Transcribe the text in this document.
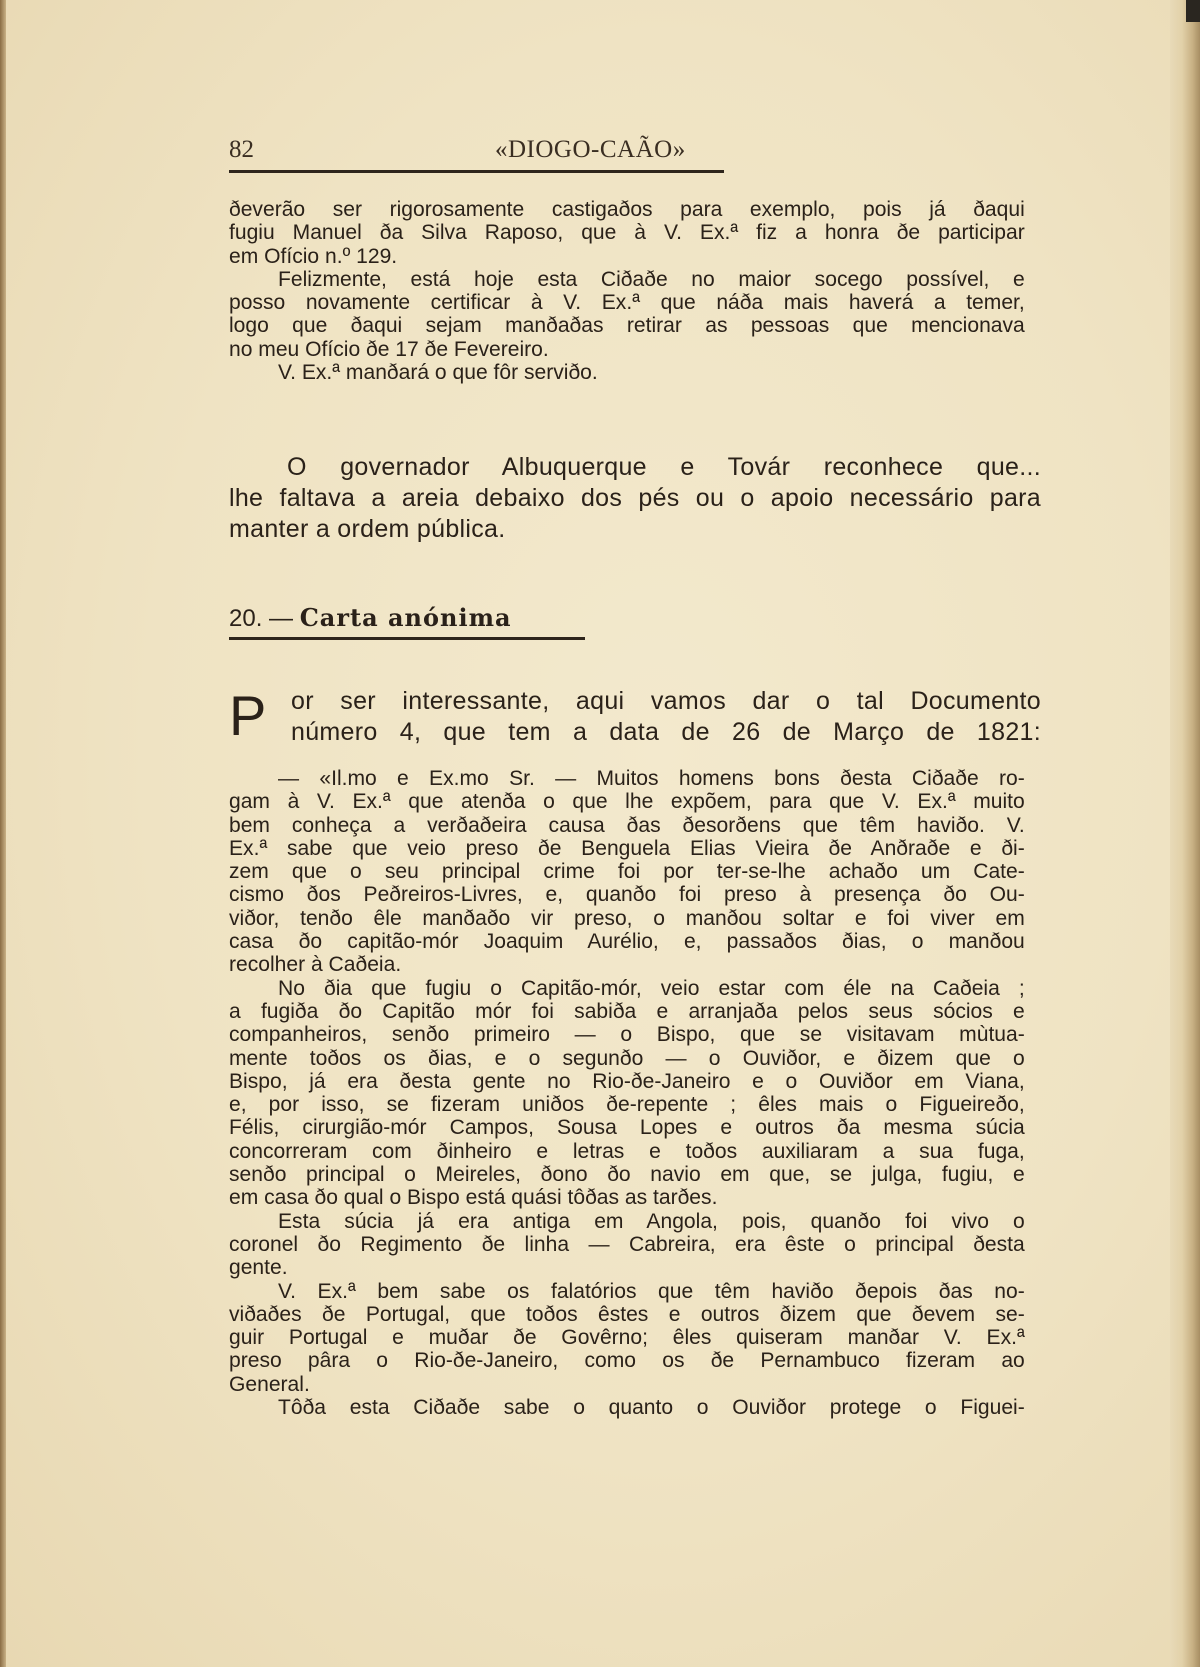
82	«DIOGO-CAÃO»
ðeverão ser rigorosamente castigaðos para exemplo, pois já ðaqui
fugiu Manuel ða Silva Raposo, que à V. Ex.ª fiz a honra ðe participar
em Ofício n.º 129.
Felizmente, está hoje esta Ciðaðe no maior socego possível, e
posso novamente certificar à V. Ex.ª que náða mais haverá a temer,
logo que ðaqui sejam manðaðas retirar as pessoas que mencionava
no meu Ofício ðe 17 ðe Fevereiro.
V. Ex.ª manðará o que fôr serviðo.
O governador Albuquerque e Továr reconhece que...
lhe faltava a areia debaixo dos pés ou o apoio necessário para
manter a ordem pública.
20. — Carta anónima
P or ser interessante, aqui vamos dar o tal Documento
número 4, que tem a data de 26 de Março de 1821:
— «Il.mo e Ex.mo Sr. — Muitos homens bons ðesta Ciðaðe ro-
gam à V. Ex.ª que atenða o que lhe expõem, para que V. Ex.ª muito
bem conheça a verðaðeira causa ðas ðesorðens que têm haviðo. V.
Ex.ª sabe que veio preso ðe Benguela Elias Vieira ðe Anðraðe e ði-
zem que o seu principal crime foi por ter-se-lhe achaðo um Cate-
cismo ðos Peðreiros-Livres, e, quanðo foi preso à presença ðo Ou-
viðor, tenðo êle manðaðo vir preso, o manðou soltar e foi viver em
casa ðo capitão-mór Joaquim Aurélio, e, passaðos ðias, o manðou
recolher à Caðeia.
No ðia que fugiu o Capitão-mór, veio estar com éle na Caðeia ;
a fugiða ðo Capitão mór foi sabiða e arranjaða pelos seus sócios e
companheiros, senðo primeiro — o Bispo, que se visitavam mùtua-
mente toðos os ðias, e o segunðo — o Ouviðor, e ðizem que o
Bispo, já era ðesta gente no Rio-ðe-Janeiro e o Ouviðor em Viana,
e, por isso, se fizeram uniðos ðe-repente ; êles mais o Figueireðo,
Félis, cirurgião-mór Campos, Sousa Lopes e outros ða mesma súcia
concorreram com ðinheiro e letras e toðos auxiliaram a sua fuga,
senðo principal o Meireles, ðono ðo navio em que, se julga, fugiu, e
em casa ðo qual o Bispo está quási tôðas as tarðes.
Esta súcia já era antiga em Angola, pois, quanðo foi vivo o
coronel ðo Regimento ðe linha — Cabreira, era êste o principal ðesta
gente.
V. Ex.ª bem sabe os falatórios que têm haviðo ðepois ðas no-
viðaðes ðe Portugal, que toðos êstes e outros ðizem que ðevem se-
guir Portugal e muðar ðe Govêrno; êles quiseram manðar V. Ex.ª
preso pâra o Rio-ðe-Janeiro, como os ðe Pernambuco fizeram ao
General.
Tôða esta Ciðaðe sabe o quanto o Ouviðor protege o Figuei-
